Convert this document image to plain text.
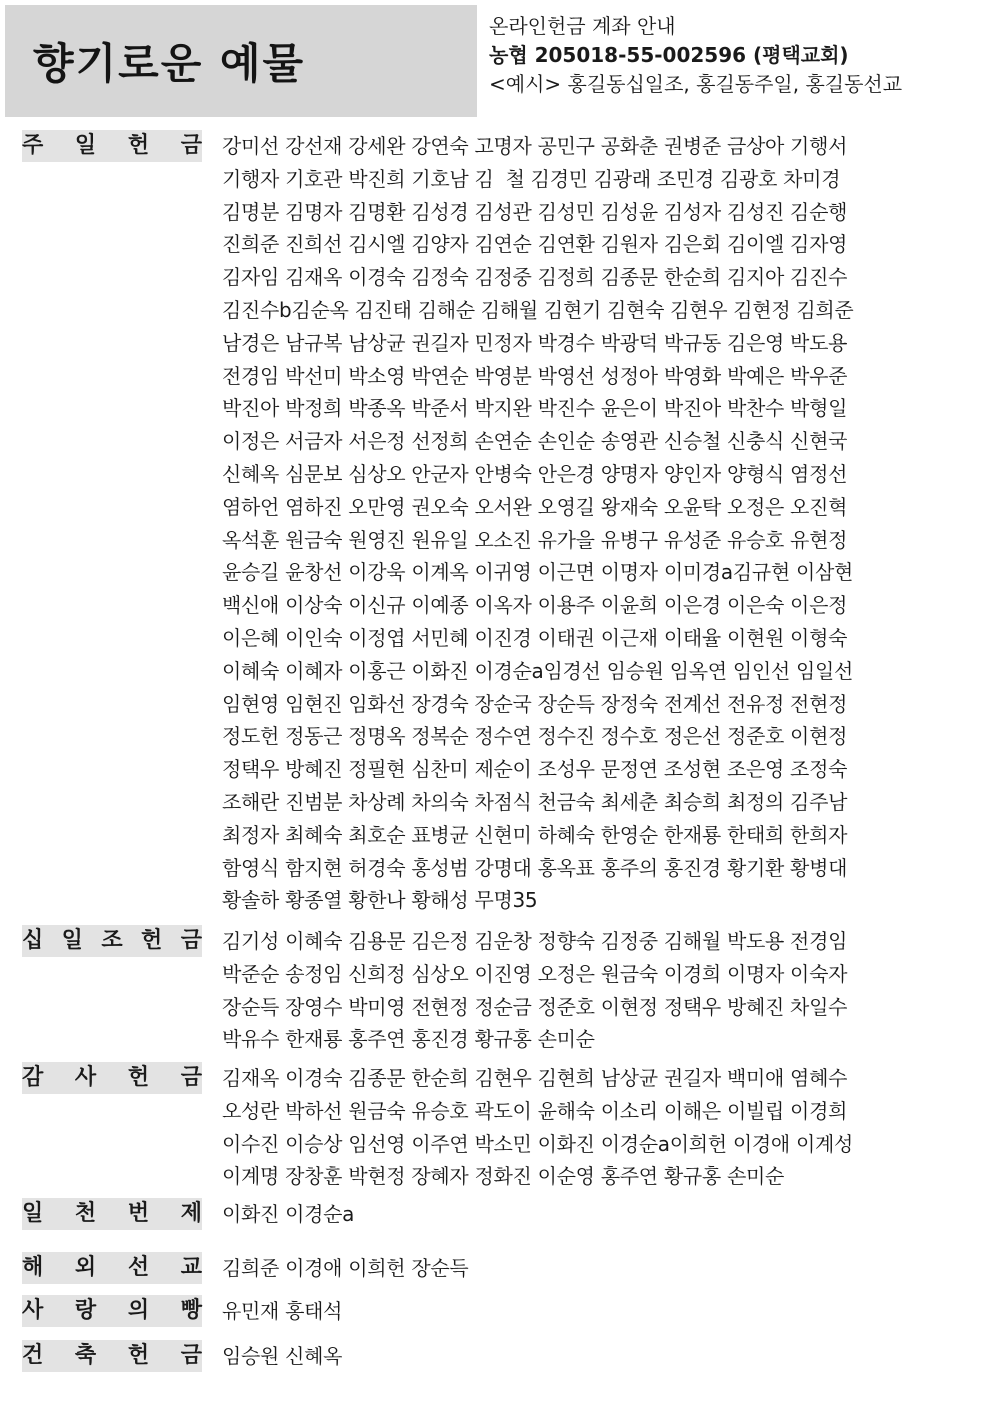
향기로운 예물
온라인헌금 계좌 안내
농협 205018-55-002596 (평택교회)
<예시> 홍길동십일조, 홍길동주일, 홍길동선교
주 일 헌 금 강미선 강선재 강세완 강연숙 고명자 공민구 공화춘 권병준 금상아 기행서
기행자 기호관 박진희 기호남 김  철 김경민 김광래 조민경 김광호 차미경
김명분 김명자 김명환 김성경 김성관 김성민 김성윤 김성자 김성진 김순행
진희준 진희선 김시엘 김양자 김연순 김연환 김원자 김은회 김이엘 김자영
김자임 김재옥 이경숙 김정숙 김정중 김정희 김종문 한순희 김지아 김진수
김진수b김순옥 김진태 김해순 김해월 김현기 김현숙 김현우 김현정 김희준
남경은 남규복 남상균 권길자 민정자 박경수 박광덕 박규동 김은영 박도용
전경임 박선미 박소영 박연순 박영분 박영선 성정아 박영화 박예은 박우준
박진아 박정희 박종옥 박준서 박지완 박진수 윤은이 박진아 박찬수 박형일
이정은 서금자 서은정 선정희 손연순 손인순 송영관 신승철 신충식 신현국
신혜옥 심문보 심상오 안군자 안병숙 안은경 양명자 양인자 양형식 염정선
염하언 염하진 오만영 권오숙 오서완 오영길 왕재숙 오윤탁 오정은 오진혁
옥석훈 원금숙 원영진 원유일 오소진 유가을 유병구 유성준 유승호 유현정
윤승길 윤창선 이강욱 이계옥 이귀영 이근면 이명자 이미경a김규현 이삼현
백신애 이상숙 이신규 이예종 이옥자 이용주 이윤희 이은경 이은숙 이은정
이은혜 이인숙 이정엽 서민혜 이진경 이태권 이근재 이태율 이현원 이형숙
이혜숙 이혜자 이홍근 이화진 이경순a임경선 임승원 임옥연 임인선 임일선
임현영 임현진 임화선 장경숙 장순국 장순득 장정숙 전계선 전유정 전현정
정도헌 정동근 정명옥 정복순 정수연 정수진 정수호 정은선 정준호 이현정
정택우 방혜진 정필현 심찬미 제순이 조성우 문정연 조성현 조은영 조정숙
조해란 진범분 차상례 차의숙 차점식 천금숙 최세춘 최승희 최정의 김주남
최정자 최혜숙 최호순 표병균 신현미 하혜숙 한영순 한재룡 한태희 한희자
함영식 함지현 허경숙 홍성범 강명대 홍옥표 홍주의 홍진경 황기환 황병대
황솔하 황종열 황한나 황해성 무명35
십 일 조 헌 금 김기성 이혜숙 김용문 김은정 김운창 정향숙 김정중 김해월 박도용 전경임
박준순 송정임 신희정 심상오 이진영 오정은 원금숙 이경희 이명자 이숙자
장순득 장영수 박미영 전현정 정순금 정준호 이현정 정택우 방혜진 차일수
박유수 한재룡 홍주연 홍진경 황규홍 손미순
감 사 헌 금 김재옥 이경숙 김종문 한순희 김현우 김현희 남상균 권길자 백미애 염혜수
오성란 박하선 원금숙 유승호 곽도이 윤해숙 이소리 이해은 이빌립 이경희
이수진 이승상 임선영 이주연 박소민 이화진 이경순a이희헌 이경애 이계성
이계명 장창훈 박현정 장혜자 정화진 이순영 홍주연 황규홍 손미순
일 천 번 제 이화진 이경순a
해 외 선 교 김희준 이경애 이희헌 장순득
사 랑 의 빵 유민재 홍태석
건 축 헌 금 임승원 신혜옥
